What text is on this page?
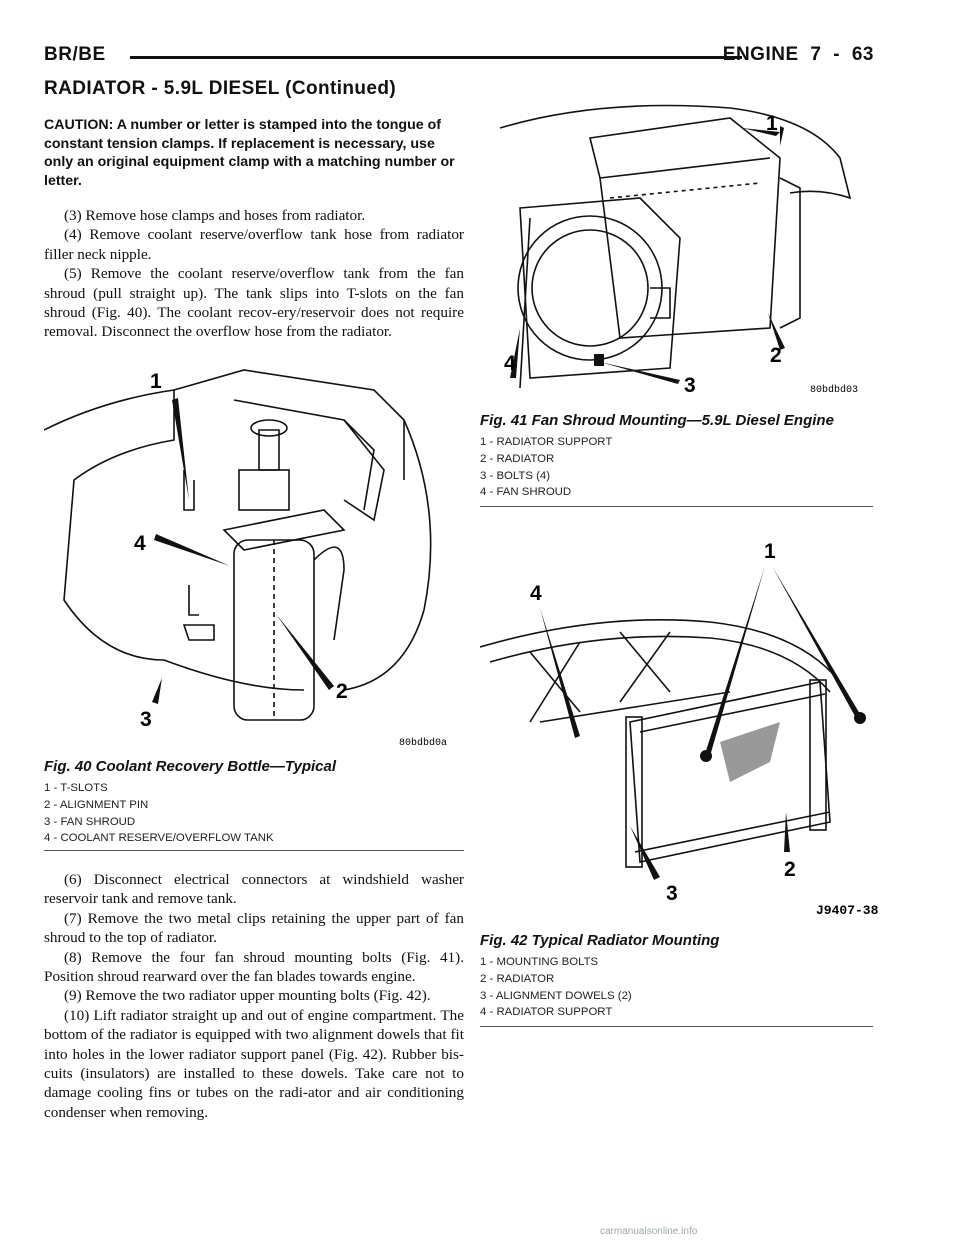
BR/BE	ENGINE 7 - 63
RADIATOR - 5.9L DIESEL (Continued)
CAUTION: A number or letter is stamped into the tongue of constant tension clamps. If replacement is necessary, use only an original equipment clamp with a matching number or letter.

(3) Remove hose clamps and hoses from radiator.

(4) Remove coolant reserve/overflow tank hose from radiator filler neck nipple.

(5) Remove the coolant reserve/overflow tank from the fan shroud (pull straight up). The tank slips into T-slots on the fan shroud (Fig. 40). The coolant recov-ery/reservoir does not require removal. Disconnect the overflow hose from the radiator.

1
2
3
4
80bdbd0a
Fig. 40 Coolant Recovery Bottle—Typical
1 - T-SLOTS
2 - ALIGNMENT PIN
3 - FAN SHROUD
4 - COOLANT RESERVE/OVERFLOW TANK

(6) Disconnect electrical connectors at windshield washer reservoir tank and remove tank.

(7) Remove the two metal clips retaining the upper part of fan shroud to the top of radiator.

(8) Remove the four fan shroud mounting bolts (Fig. 41). Position shroud rearward over the fan blades towards engine.

(9) Remove the two radiator upper mounting bolts (Fig. 42).

(10) Lift radiator straight up and out of engine compartment. The bottom of the radiator is equipped with two alignment dowels that fit into holes in the lower radiator support panel (Fig. 42). Rubber bis-cuits (insulators) are installed to these dowels. Take care not to damage cooling fins or tubes on the radi-ator and air conditioning condenser when removing.

1
2
3
4
80bdbd03
Fig. 41 Fan Shroud Mounting—5.9L Diesel Engine
1 - RADIATOR SUPPORT
2 - RADIATOR
3 - BOLTS (4)
4 - FAN SHROUD
1
2
3
4
J9407-38
Fig. 42 Typical Radiator Mounting
1 - MOUNTING BOLTS
2 - RADIATOR
3 - ALIGNMENT DOWELS (2)
4 - RADIATOR SUPPORT
carmanualsonline.info
